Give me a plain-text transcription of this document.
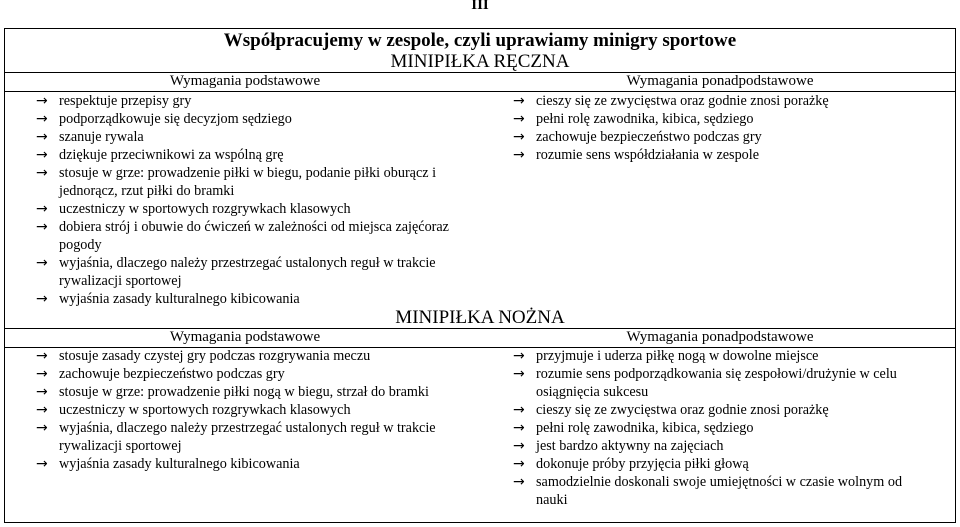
III
Współpracujemy w zespole, czyli uprawiamy minigry sportowe
MINIPIŁKA RĘCZNA
Wymagania podstawowe	Wymagania ponadpodstawowe
→ respektuje przepisy gry
→ podporządkowuje się decyzjom sędziego
→ szanuje rywala
→ dziękuje przeciwnikowi za wspólną grę
→ stosuje w grze: prowadzenie piłki w biegu, podanie piłki oburącz i jednorącz, rzut piłki do bramki
→ uczestniczy w sportowych rozgrywkach klasowych
→ dobiera strój i obuwie do ćwiczeń w zależności od miejsca zajęćoraz pogody
→ wyjaśnia, dlaczego należy przestrzegać ustalonych reguł w trakcie rywalizacji sportowej
→ wyjaśnia zasady kulturalnego kibicowania
→ cieszy się ze zwycięstwa oraz godnie znosi porażkę
→ pełni rolę zawodnika, kibica, sędziego
→ zachowuje bezpieczeństwo podczas gry
→ rozumie sens współdziałania w zespole
MINIPIŁKA NOŻNA
Wymagania podstawowe	Wymagania ponadpodstawowe
→ stosuje zasady czystej gry podczas rozgrywania meczu
→ zachowuje bezpieczeństwo podczas gry
→ stosuje w grze: prowadzenie piłki nogą w biegu, strzał do bramki
→ uczestniczy w sportowych rozgrywkach klasowych
→ wyjaśnia, dlaczego należy przestrzegać ustalonych reguł w trakcie rywalizacji sportowej
→ wyjaśnia zasady kulturalnego kibicowania
→ przyjmuje i uderza piłkę nogą w dowolne miejsce
→ rozumie sens podporządkowania się zespołowi/drużynie w celu osiągnięcia sukcesu
→ cieszy się ze zwycięstwa oraz godnie znosi porażkę
→ pełni rolę zawodnika, kibica, sędziego
→ jest bardzo aktywny na zajęciach
→ dokonuje próby przyjęcia piłki głową
→ samodzielnie doskonali swoje umiejętności w czasie wolnym od nauki
